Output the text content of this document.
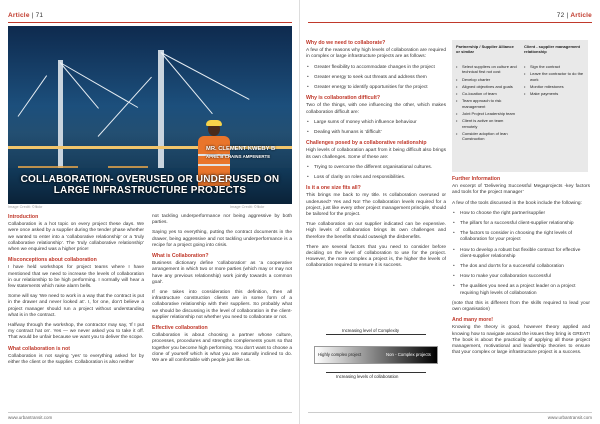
Article | 71
MR. CLEMENT KWEBY B
APRIL B CHAINS AMPENERTE
COLLABORATION- OVERUSED OR UNDERUSED ON LARGE INFRASTRUCTURE PROJECTS
Image Credit: ©flickr	Image Credit: ©flickr
Introduction
Collaboration is a hot topic on every project these days. We were once asked by a supplier during the tender phase whether we wanted to enter into a ‘collaborative relationship’ or a ‘truly collaborative relationship’. The ‘truly collaborative relationship’ when we enquired was a higher price!
Misconceptions about collaboration
I have held workshops for project teams where I have mentioned that we need to increase the levels of collaboration in our relationship to be high performing. I normally will hear a few statements which raise alarm bells.
Some will say ‘We need to work in a way that the contract is put in the drawer and never looked at’. I, for one, don't believe a project manager should run a project without understanding what is in the contract.
Halfway through the workshop, the contractor may say, ‘If I put my contract hat on’. Yes — we never asked you to take it off. That would be unfair because we want you to deliver the scope.
What collaboration is not
Collaboration is not saying ‘yes’ to everything asked for by either the client or the supplier. Collaboration is also neither
not tackling underperformance nor being aggressive by both parties.
Saying yes to everything, putting the contract documents in the drawer, being aggressive and not tackling underperformance is a recipe for a project going into crisis.
What is Collaboration?
Business dictionary define ‘collaboration’ as ‘a cooperative arrangement in which two or more parties (which may or may not have any previous relationship) work jointly towards a common goal’.
If one takes into consideration this definition, then all infrastructure construction clients are in some form of a collaborative relationship with their suppliers. So probably what we should be discussing is the level of collaboration in the client-supplier relationship not whether you need to collaborate or not.
Effective collaboration
Collaboration is about choosing a partner whose culture, processes, procedures and strengths complements yours so that together you become high performing. You don't want to choose a clone of yourself which is what you are naturally inclined to do. We are all comfortable with people just like us.
www.urbantransit.com
72 | Article
Why do we need to collaborate?
A few of the reasons why high levels of collaboration are required in complex or large infrastructure projects are as follows:
• Greater flexibility to accommodate changes in the project
• Greater energy to seek out threats and address them
• Greater energy to identify opportunities for the project
Why is collaboration difficult?
Two of the things, with one influencing the other, which makes collaboration difficult are:
• Large sums of money which influence behaviour
• Dealing with humans is ‘difficult’
Challenges posed by a collaborative relationship
High levels of collaboration apart from it being difficult also brings its own challenges. Some of these are:
• Trying to overcome the different organisational cultures.
• Loss of clarity on roles and responsibilities.
Is it a one size fits all?
This brings me back to my title. Is collaboration overused or underused? Yes and No! The collaboration levels required for a project, just like every other project management principle, should be tailored for the project.
True collaboration on our supplier indicated can be expensive. High levels of collaboration brings its own challenges and therefore the benefits should outweigh the disbenefits.
There are several factors that you need to consider before deciding on the level of collaboration to use for the project. However, the more complex a project is, the higher the levels of collaboration required to ensure it is success.
Increasing level of Complexity
Highly complex project	Non - Complex projects
Increasing levels of collaboration
Partnership / Supplier Alliance or similar
Client - supplier management relationship
• Select suppliers on culture and technical first not cost
• Develop charter
• Aligned objectives and goals
• Co-location of team
• Team approach to risk management
• Joint Project Leadership team
• Client is active on team remotely
• Consider adoption of lean Construction
• Sign the contract
• Leave the contractor to do the work
• Monitor milestones
• Make payments
Further Information
An excerpt of ‘Delivering Successful Megaprojects -key factors and tools for the project manager’
A few of the tools discussed in the book include the following:
• How to choose the right partner/supplier
• The pillars for a successful client-supplier relationship
• The factors to consider in choosing the right levels of collaboration for your project
• How to develop a robust but flexible contract for effective client-supplier relationship
• The dos and don'ts for a successful collaboration
• How to make your collaboration successful
• The qualities you need as a project leader on a project requiring high levels of collaboration
(note that this is different from the skills required to lead your own organisation)
And many more!
Knowing the theory is good, however theory applied and knowing how to navigate around the issues they bring is GREAT! The book is about the practicality of applying all those project management, motivational and leadership theories to ensure that your complex or large infrastructure project is a success.
www.urbantransit.com
